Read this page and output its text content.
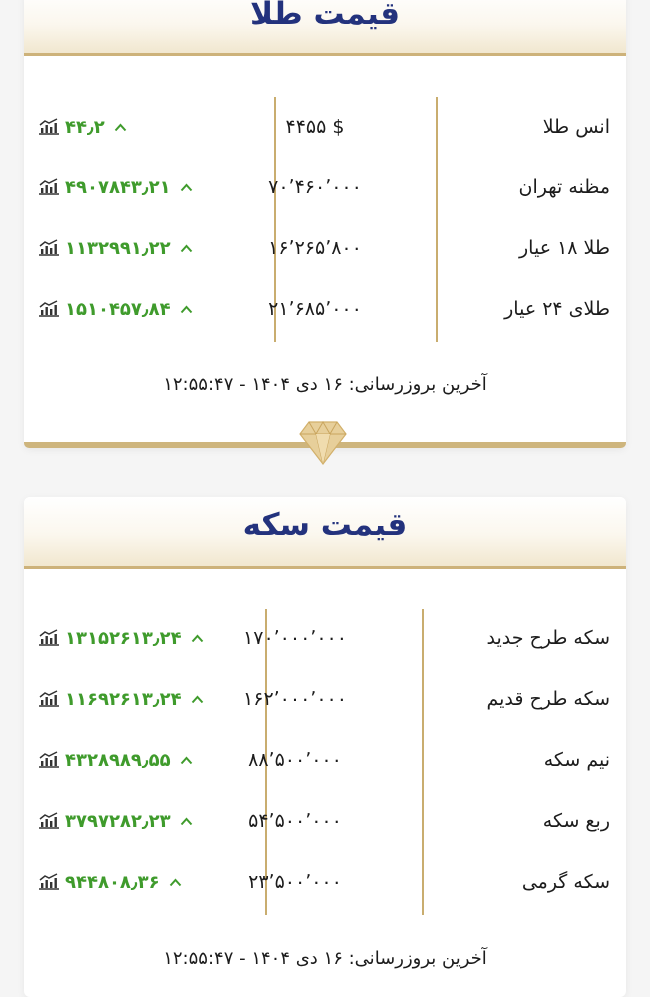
قیمت طلا
انس طلا
۴۴۵۵ $
۴۴٫۲
مظنه تهران
۷۰٬۴۶۰٬۰۰۰
۴۹۰۷۸۴۳٫۲۱
طلا ۱۸ عیار
۱۶٬۲۶۵٬۸۰۰
۱۱۳۲۹۹۱٫۲۲
طلای ۲۴ عیار
۲۱٬۶۸۵٬۰۰۰
۱۵۱۰۴۵۷٫۸۴
آخرین بروزرسانی: ۱۶ دی ۱۴۰۴ - ۱۲:۵۵:۴۷
قیمت سکه
سکه طرح جدید
۱۷۰٬۰۰۰٬۰۰۰
۱۳۱۵۲۶۱۳٫۲۴
سکه طرح قدیم
۱۶۲٬۰۰۰٬۰۰۰
۱۱۶۹۲۶۱۳٫۲۴
نیم سکه
۸۸٬۵۰۰٬۰۰۰
۴۳۲۸۹۸۹٫۵۵
ربع سکه
۵۴٬۵۰۰٬۰۰۰
۳۷۹۷۲۸۲٫۲۳
سکه گرمی
۲۳٬۵۰۰٬۰۰۰
۹۴۴۸۰۸٫۳۶
آخرین بروزرسانی: ۱۶ دی ۱۴۰۴ - ۱۲:۵۵:۴۷
